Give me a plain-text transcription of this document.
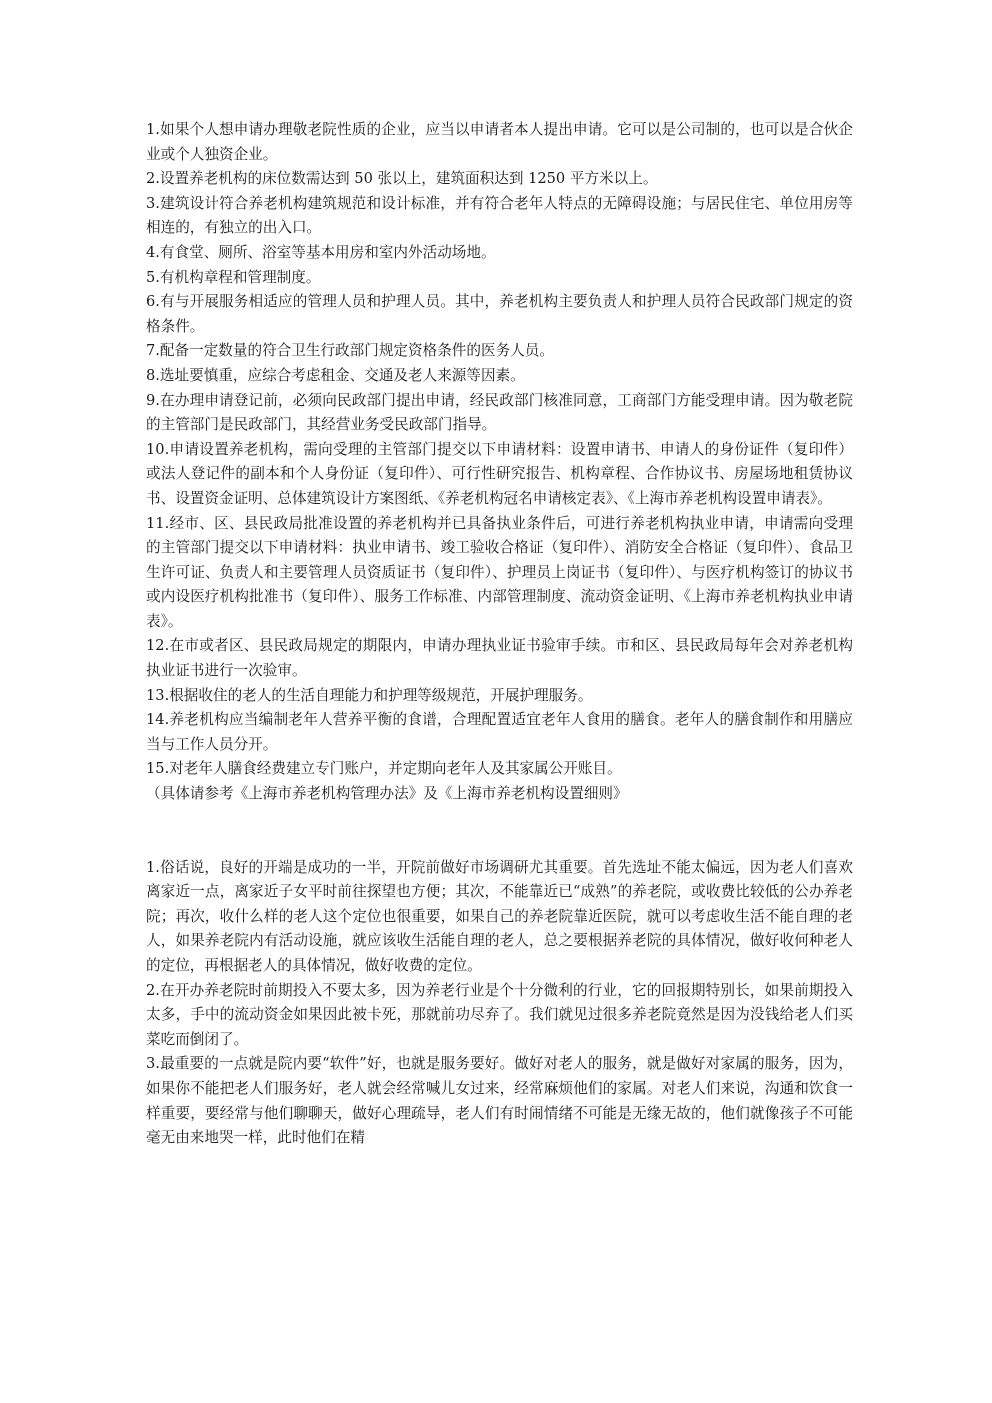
1.如果个人想申请办理敬老院性质的企业，应当以申请者本人提出申请。它可以是公司制的，也可以是合伙企业或个人独资企业。

2.设置养老机构的床位数需达到 50 张以上，建筑面积达到 1250 平方米以上。

3.建筑设计符合养老机构建筑规范和设计标准，并有符合老年人特点的无障碍设施；与居民住宅、单位用房等相连的，有独立的出入口。

4.有食堂、厕所、浴室等基本用房和室内外活动场地。

5.有机构章程和管理制度。

6.有与开展服务相适应的管理人员和护理人员。其中，养老机构主要负责人和护理人员符合民政部门规定的资格条件。

7.配备一定数量的符合卫生行政部门规定资格条件的医务人员。

8.选址要慎重，应综合考虑租金、交通及老人来源等因素。

9.在办理申请登记前，必须向民政部门提出申请，经民政部门核准同意，工商部门方能受理申请。因为敬老院的主管部门是民政部门，其经营业务受民政部门指导。

10.申请设置养老机构，需向受理的主管部门提交以下申请材料：设置申请书、申请人的身份证件（复印件）或法人登记件的副本和个人身份证（复印件）、可行性研究报告、机构章程、合作协议书、房屋场地租赁协议书、设置资金证明、总体建筑设计方案图纸、《养老机构冠名申请核定表》、《上海市养老机构设置申请表》。

11.经市、区、县民政局批准设置的养老机构并已具备执业条件后，可进行养老机构执业申请，申请需向受理的主管部门提交以下申请材料：执业申请书、竣工验收合格证（复印件）、消防安全合格证（复印件）、食品卫生许可证、负责人和主要管理人员资质证书（复印件）、护理员上岗证书（复印件）、与医疗机构签订的协议书或内设医疗机构批准书（复印件）、服务工作标准、内部管理制度、流动资金证明、《上海市养老机构执业申请表》。

12.在市或者区、县民政局规定的期限内，申请办理执业证书验审手续。市和区、县民政局每年会对养老机构执业证书进行一次验审。

13.根据收住的老人的生活自理能力和护理等级规范，开展护理服务。

14.养老机构应当编制老年人营养平衡的食谱，合理配置适宜老年人食用的膳食。老年人的膳食制作和用膳应当与工作人员分开。

15.对老年人膳食经费建立专门账户，并定期向老年人及其家属公开账目。

（具体请参考《上海市养老机构管理办法》及《上海市养老机构设置细则》

1.俗话说，良好的开端是成功的一半，开院前做好市场调研尤其重要。首先选址不能太偏远，因为老人们喜欢离家近一点，离家近子女平时前往探望也方便；其次，不能靠近已“成熟”的养老院，或收费比较低的公办养老院；再次，收什么样的老人这个定位也很重要，如果自己的养老院靠近医院，就可以考虑收生活不能自理的老人，如果养老院内有活动设施，就应该收生活能自理的老人，总之要根据养老院的具体情况，做好收何种老人的定位，再根据老人的具体情况，做好收费的定位。

2.在开办养老院时前期投入不要太多，因为养老行业是个十分微利的行业，它的回报期特别长，如果前期投入太多，手中的流动资金如果因此被卡死，那就前功尽弃了。我们就见过很多养老院竟然是因为没钱给老人们买菜吃而倒闭了。

3.最重要的一点就是院内要“软件”好，也就是服务要好。做好对老人的服务，就是做好对家属的服务，因为，如果你不能把老人们服务好，老人就会经常喊儿女过来，经常麻烦他们的家属。对老人们来说，沟通和饮食一样重要，要经常与他们聊聊天，做好心理疏导，老人们有时闹情绪不可能是无缘无故的，他们就像孩子不可能毫无由来地哭一样，此时他们在精
